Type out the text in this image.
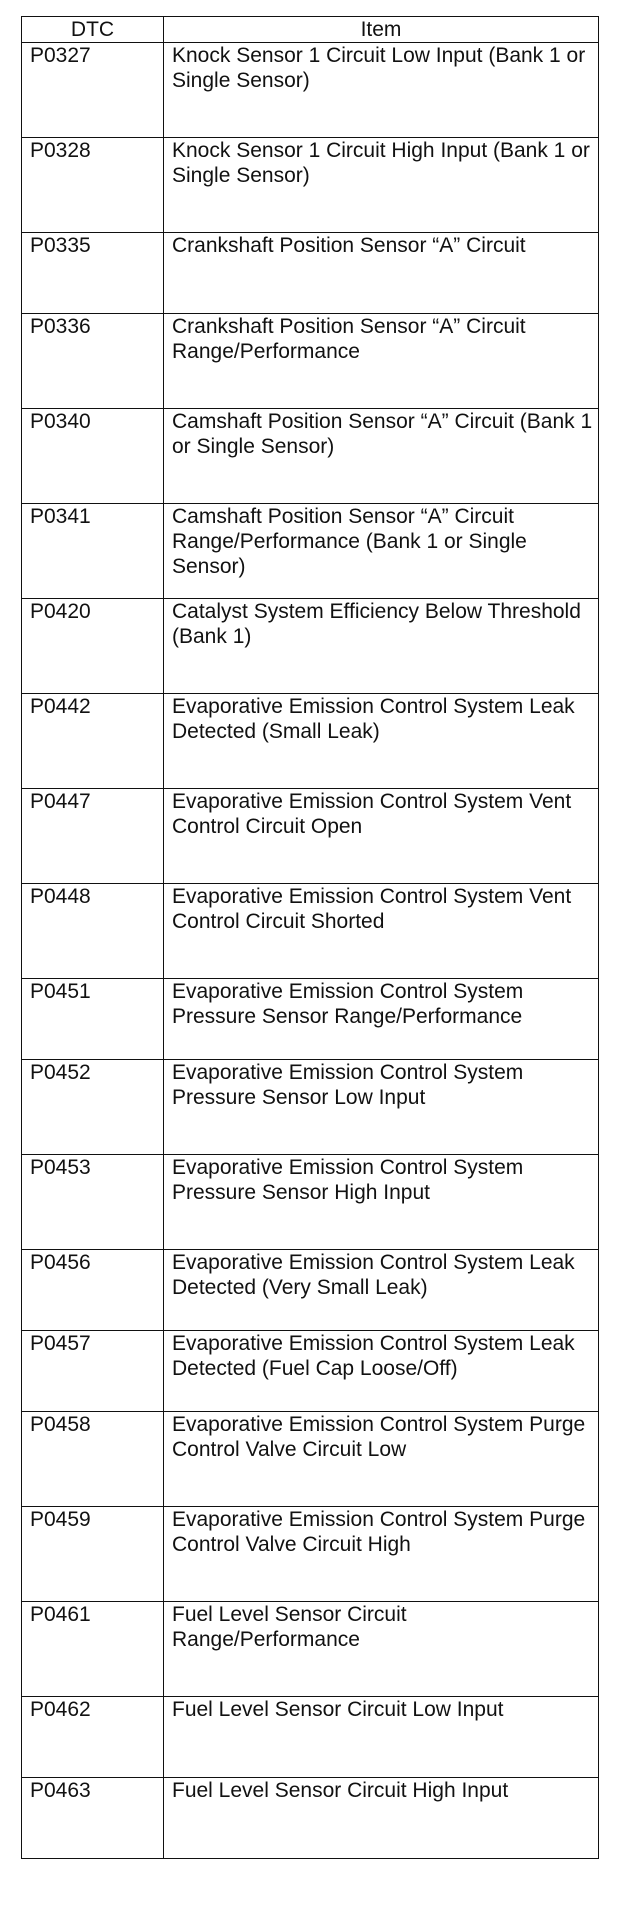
DTC	Item
P0327	Knock Sensor 1 Circuit Low Input (Bank 1 or Single Sensor)
P0328	Knock Sensor 1 Circuit High Input (Bank 1 or Single Sensor)
P0335	Crankshaft Position Sensor “A” Circuit
P0336	Crankshaft Position Sensor “A” Circuit Range/Performance
P0340	Camshaft Position Sensor “A” Circuit (Bank 1 or Single Sensor)
P0341	Camshaft Position Sensor “A” Circuit Range/Performance (Bank 1 or Single Sensor)
P0420	Catalyst System Efficiency Below Threshold (Bank 1)
P0442	Evaporative Emission Control System Leak Detected (Small Leak)
P0447	Evaporative Emission Control System Vent Control Circuit Open
P0448	Evaporative Emission Control System Vent Control Circuit Shorted
P0451	Evaporative Emission Control System Pressure Sensor Range/Performance
P0452	Evaporative Emission Control System Pressure Sensor Low Input
P0453	Evaporative Emission Control System Pressure Sensor High Input
P0456	Evaporative Emission Control System Leak Detected (Very Small Leak)
P0457	Evaporative Emission Control System Leak Detected (Fuel Cap Loose/Off)
P0458	Evaporative Emission Control System Purge Control Valve Circuit Low
P0459	Evaporative Emission Control System Purge Control Valve Circuit High
P0461	Fuel Level Sensor Circuit Range/Performance
P0462	Fuel Level Sensor Circuit Low Input
P0463	Fuel Level Sensor Circuit High Input
